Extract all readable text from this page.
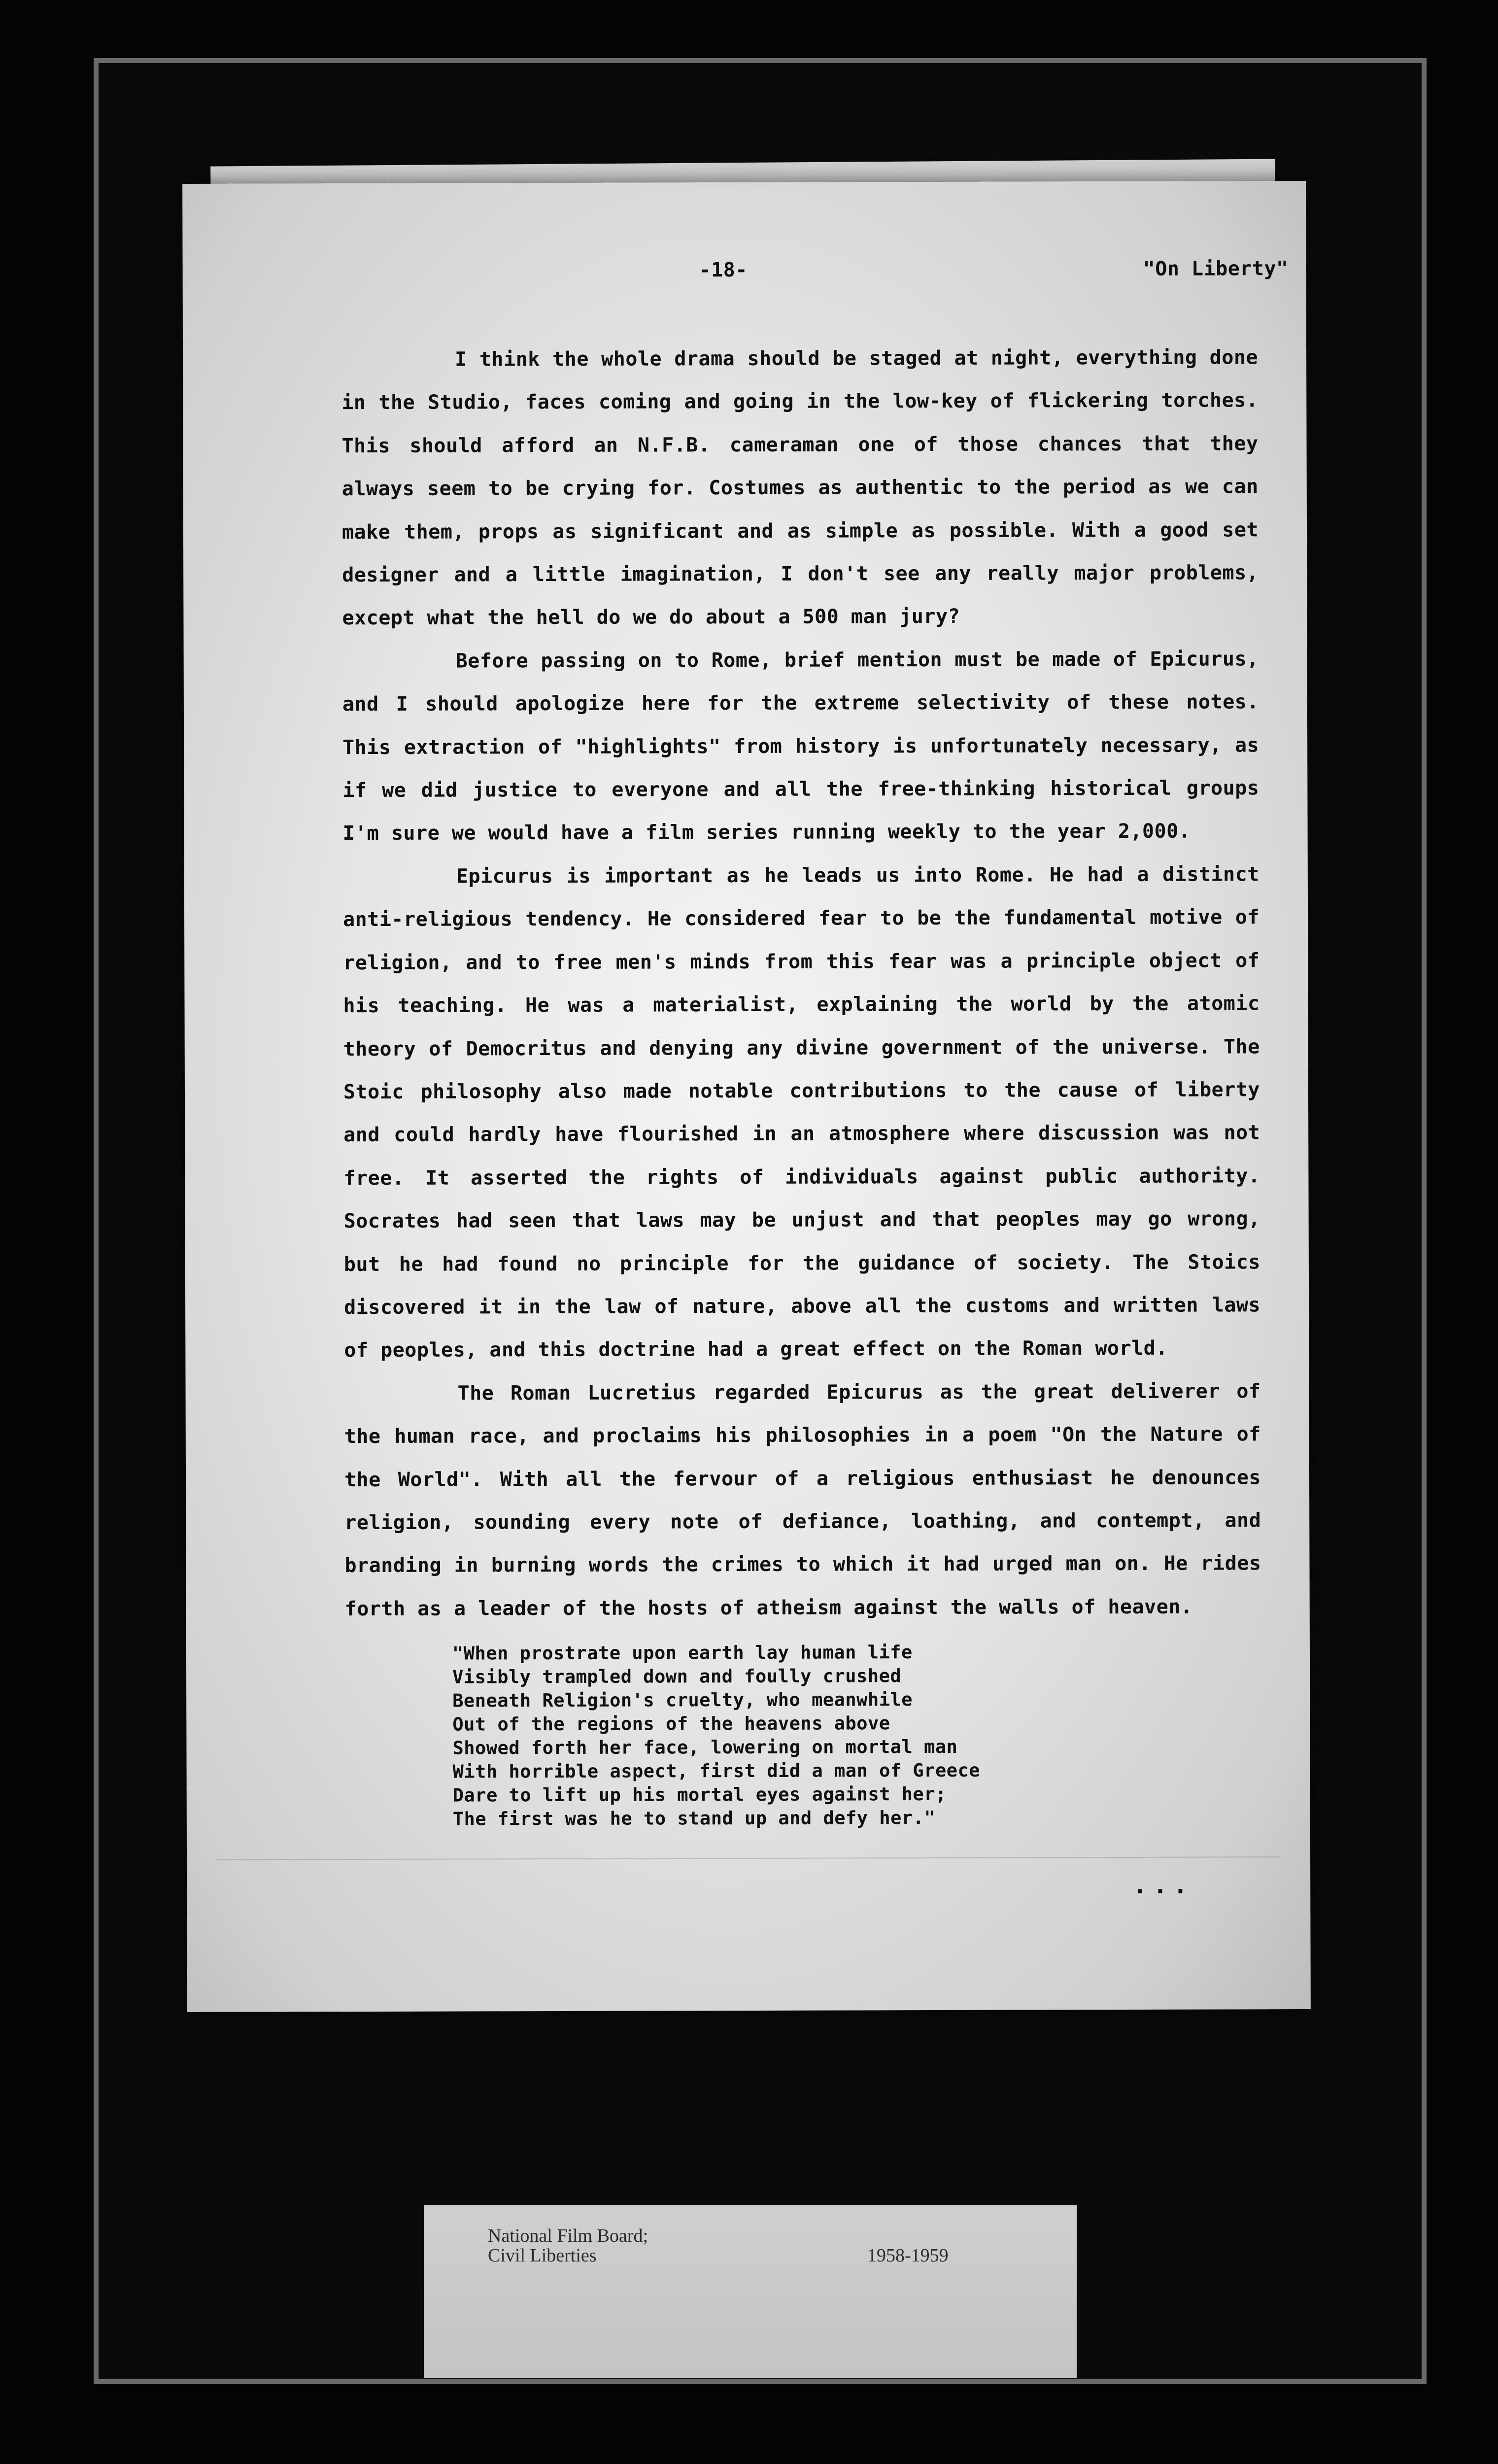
-18-	"On Liberty"

I think the whole drama should be staged at night, everything done in the Studio, faces coming and going in the low-key of flickering torches. This should afford an N.F.B. cameraman one of those chances that they always seem to be crying for. Costumes as authentic to the period as we can make them, props as significant and as simple as possible. With a good set designer and a little imagination, I don't see any really major problems, except what the hell do we do about a 500 man jury?

Before passing on to Rome, brief mention must be made of Epicurus, and I should apologize here for the extreme selectivity of these notes. This extraction of "highlights" from history is unfortunately necessary, as if we did justice to everyone and all the free-thinking historical groups I'm sure we would have a film series running weekly to the year 2,000.

Epicurus is important as he leads us into Rome. He had a distinct anti-religious tendency. He considered fear to be the fundamental motive of religion, and to free men's minds from this fear was a principle object of his teaching. He was a materialist, explaining the world by the atomic theory of Democritus and denying any divine government of the universe. The Stoic philosophy also made notable contributions to the cause of liberty and could hardly have flourished in an atmosphere where discussion was not free. It asserted the rights of individuals against public authority. Socrates had seen that laws may be unjust and that peoples may go wrong, but he had found no principle for the guidance of society. The Stoics discovered it in the law of nature, above all the customs and written laws of peoples, and this doctrine had a great effect on the Roman world.

The Roman Lucretius regarded Epicurus as the great deliverer of the human race, and proclaims his philosophies in a poem "On the Nature of the World". With all the fervour of a religious enthusiast he denounces religion, sounding every note of defiance, loathing, and contempt, and branding in burning words the crimes to which it had urged man on. He rides forth as a leader of the hosts of atheism against the walls of heaven.

"When prostrate upon earth lay human life
Visibly trampled down and foully crushed
Beneath Religion's cruelty, who meanwhile
Out of the regions of the heavens above
Showed forth her face, lowering on mortal man
With horrible aspect, first did a man of Greece
Dare to lift up his mortal eyes against her;
The first was he to stand up and defy her."
...
National Film Board;
Civil Liberties	1958-1959
